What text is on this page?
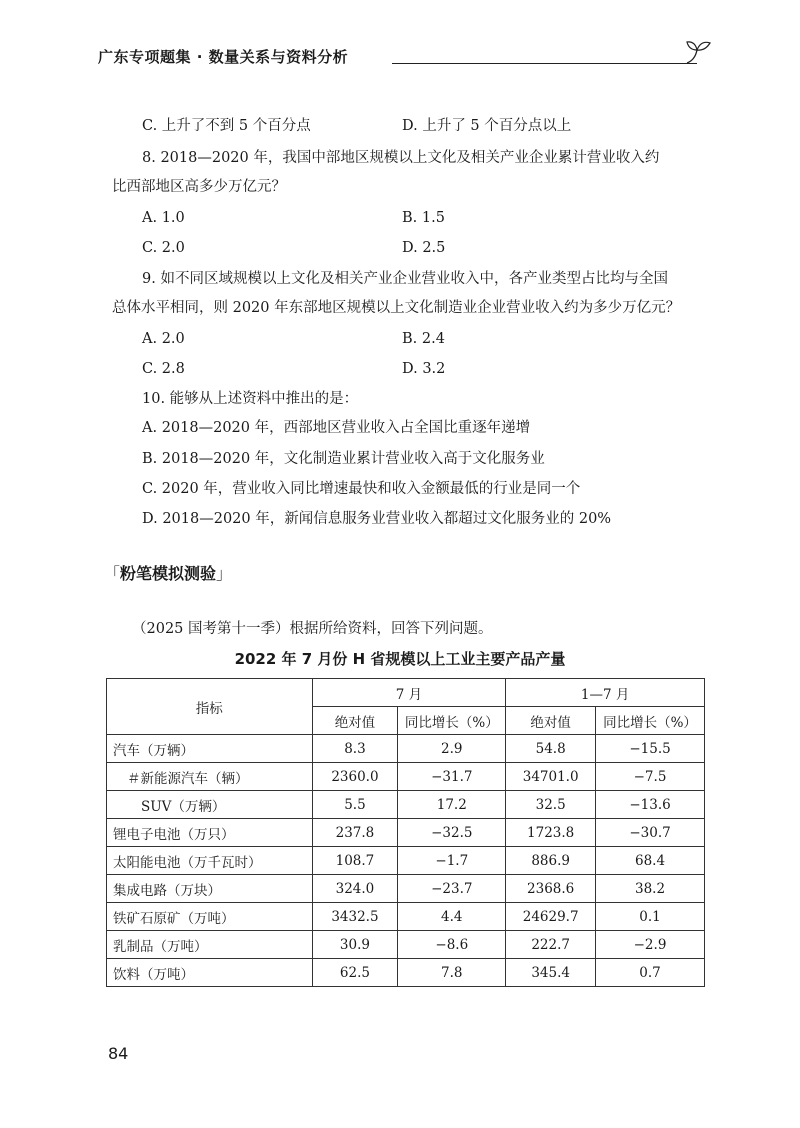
广东专项题集 · 数量关系与资料分析
C. 上升了不到 5 个百分点	D. 上升了 5 个百分点以上
8. 2018—2020 年，我国中部地区规模以上文化及相关产业企业累计营业收入约
比西部地区高多少万亿元？
A. 1.0	B. 1.5
C. 2.0	D. 2.5
9. 如不同区域规模以上文化及相关产业企业营业收入中，各产业类型占比均与全国
总体水平相同，则 2020 年东部地区规模以上文化制造业企业营业收入约为多少万亿元？
A. 2.0	B. 2.4
C. 2.8	D. 3.2
10. 能够从上述资料中推出的是：
A. 2018—2020 年，西部地区营业收入占全国比重逐年递增
B. 2018—2020 年，文化制造业累计营业收入高于文化服务业
C. 2020 年，营业收入同比增速最快和收入金额最低的行业是同一个
D. 2018—2020 年，新闻信息服务业营业收入都超过文化服务业的 20%
「粉笔模拟测验」
（2025 国考第十一季）根据所给资料，回答下列问题。
2022 年 7 月份 H 省规模以上工业主要产品产量
指标	7 月		1—7 月	
	绝对值	同比增长（%）	绝对值	同比增长（%）
汽车（万辆）	8.3	2.9	54.8	−15.5
＃新能源汽车（辆）	2360.0	−31.7	34701.0	−7.5
SUV（万辆）	5.5	17.2	32.5	−13.6
锂电子电池（万只）	237.8	−32.5	1723.8	−30.7
太阳能电池（万千瓦时）	108.7	−1.7	886.9	68.4
集成电路（万块）	324.0	−23.7	2368.6	38.2
铁矿石原矿（万吨）	3432.5	4.4	24629.7	0.1
乳制品（万吨）	30.9	−8.6	222.7	−2.9
饮料（万吨）	62.5	7.8	345.4	0.7
84
